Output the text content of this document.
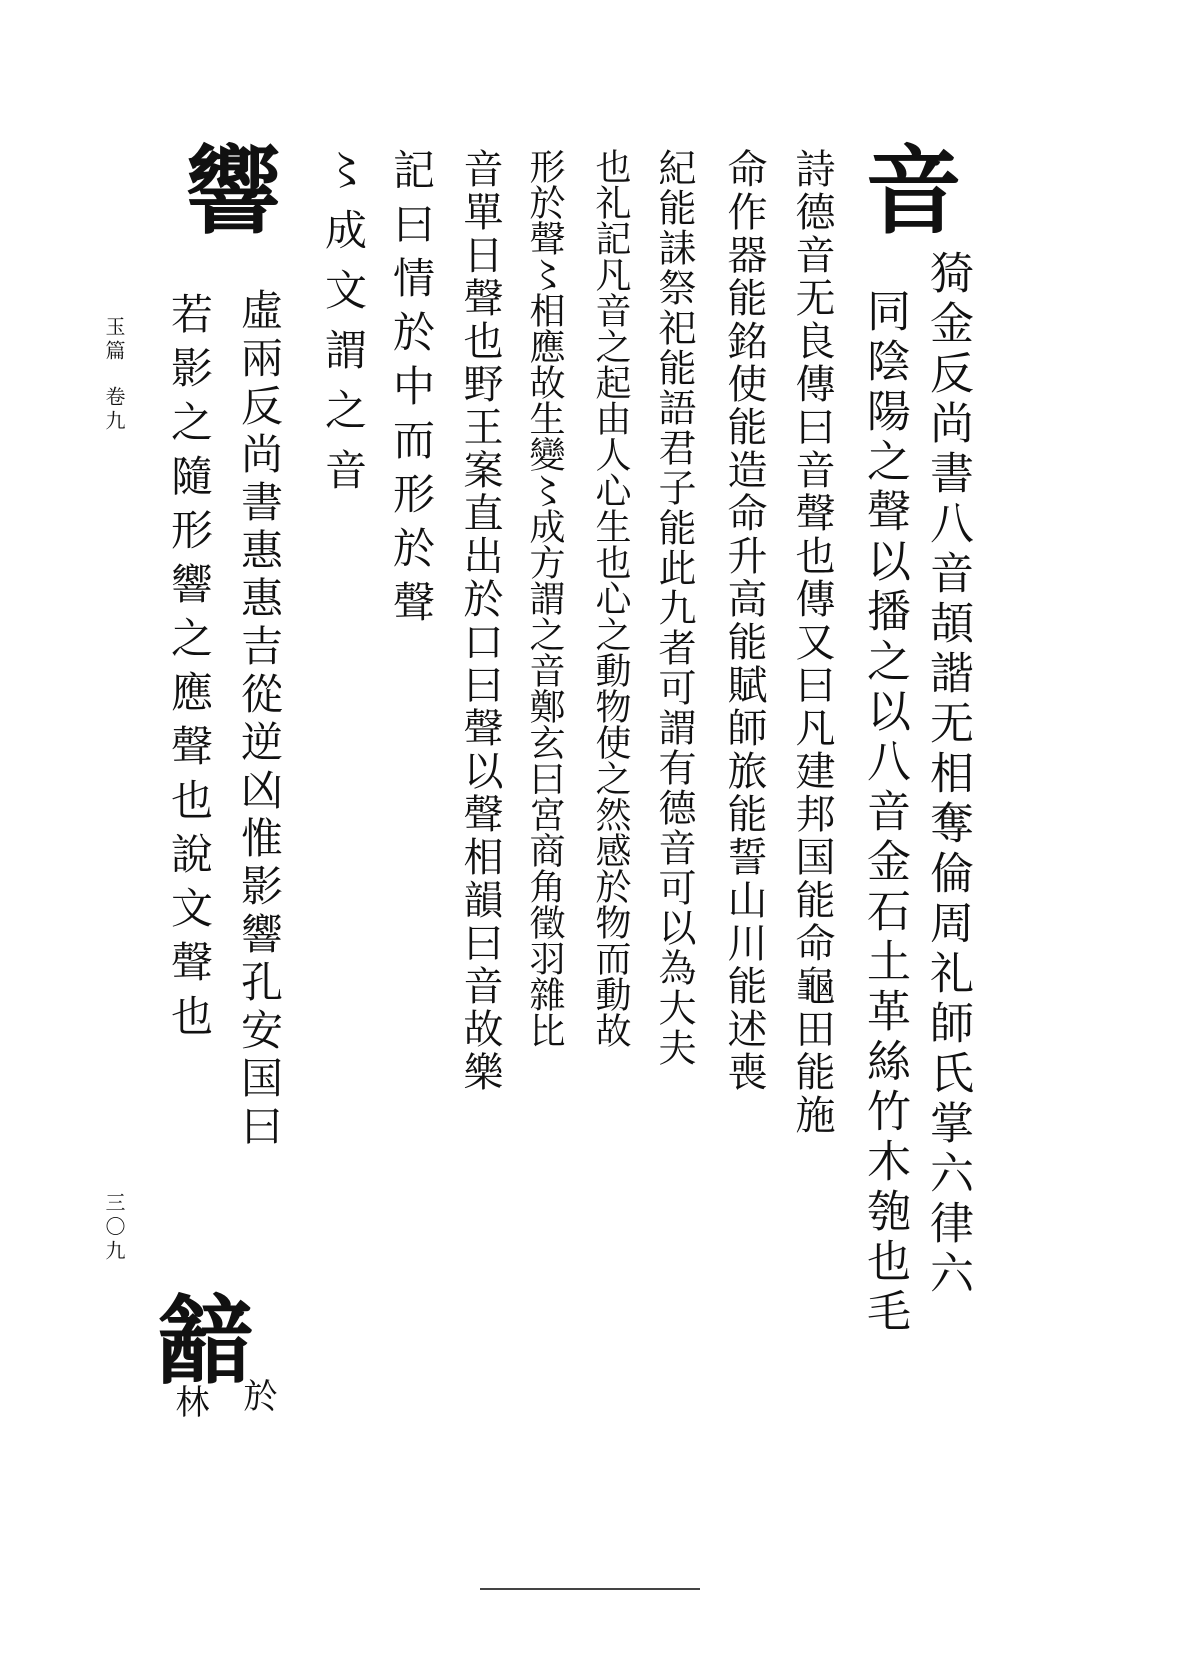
玉篇
卷九
三〇九
音
猗金反尚書八音頡諧无相奪倫周礼師氏掌六律六
同陰陽之聲以播之以八音金石土革絲竹木匏也毛
詩德音无良傳曰音聲也傳又曰凡建邦国能命龜田能施
命作器能銘使能造命升高能賦師旅能誓山川能述喪
紀能誄祭祀能語君子能此九者可謂有德音可以為大夫
也礼記凡音之起由人心生也心之動物使之然感於物而動故
形於聲〻相應故生變〻成方謂之音鄭玄曰宮商角徵羽雜比
音單日聲也野王案直出於口曰聲以聲相韻曰音故樂
記曰情於中而形於聲
〻成文謂之音
響
虛兩反尚書惠惠吉從逆凶惟影響孔安国曰
若影之隨形響之應聲也說文聲也
韽
於
林
